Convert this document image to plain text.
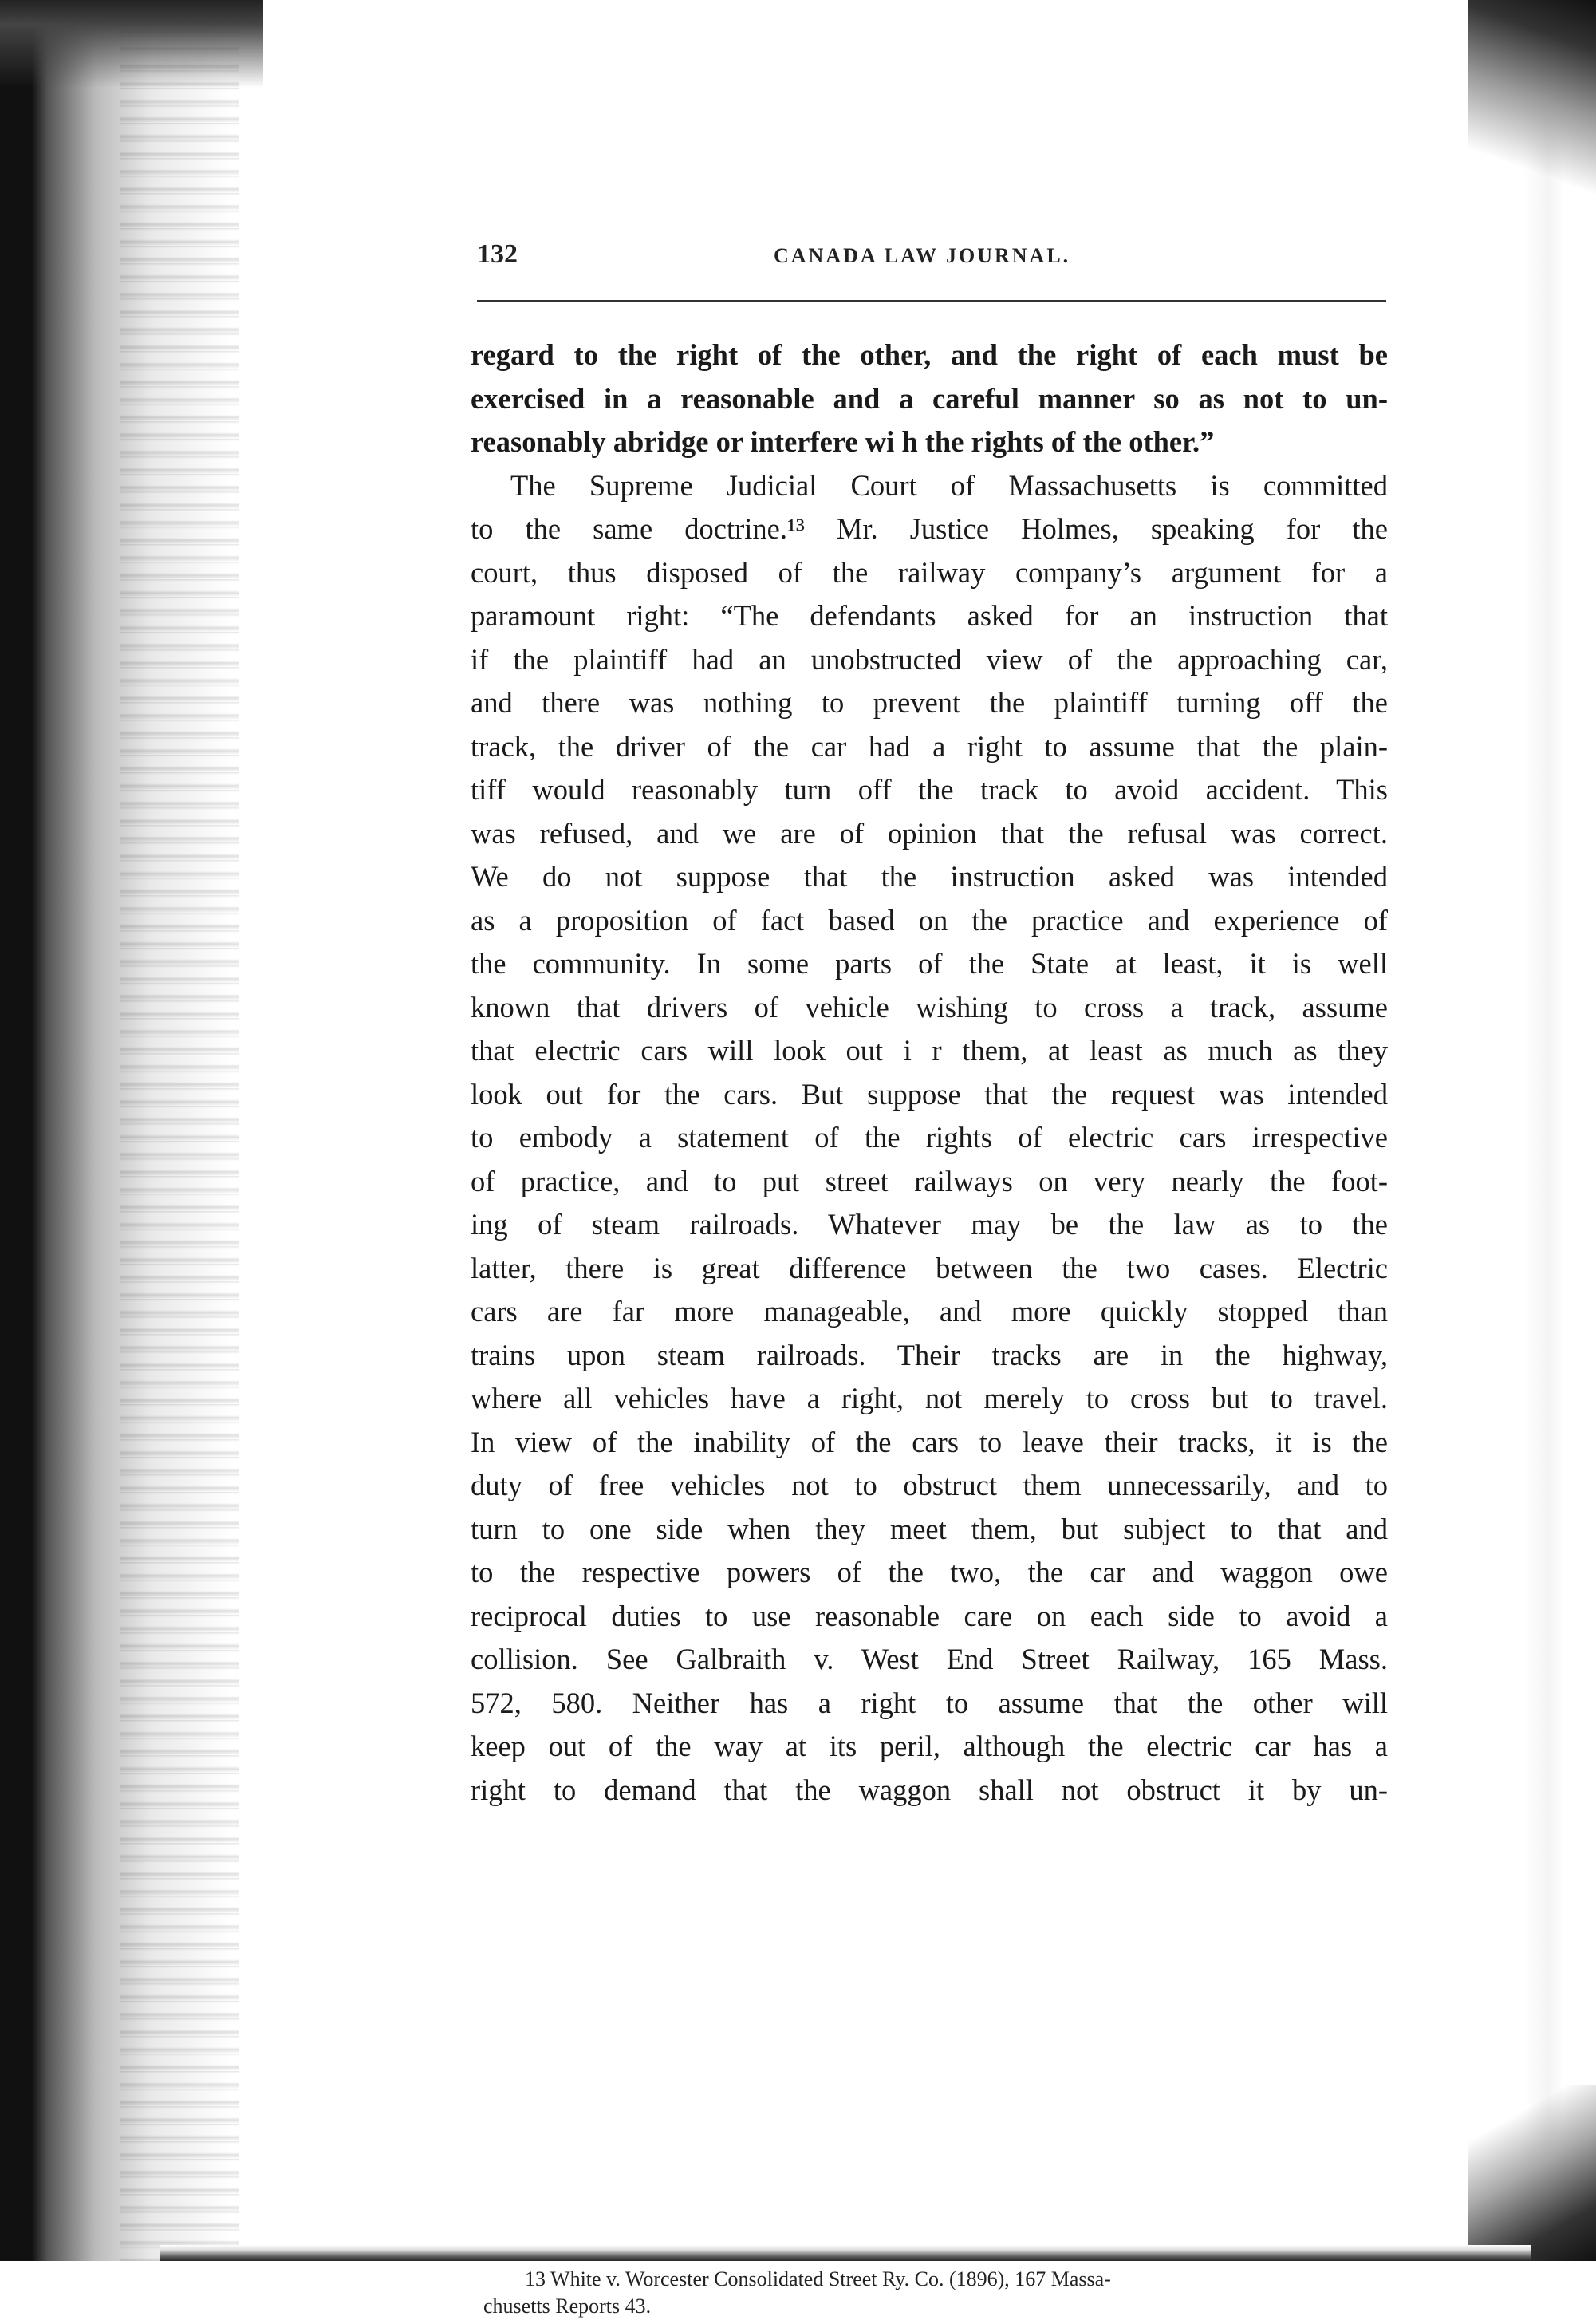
132	CANADA LAW JOURNAL.
regard to the right of the other, and the right of each must be
exercised in a reasonable and a careful manner so as not to un-
reasonably abridge or interfere wi h the rights of the other.”
The Supreme Judicial Court of Massachusetts is committed
to the same doctrine.¹³ Mr. Justice Holmes, speaking for the
court, thus disposed of the railway company’s argument for a
paramount right: “The defendants asked for an instruction that
if the plaintiff had an unobstructed view of the approaching car,
and there was nothing to prevent the plaintiff turning off the
track, the driver of the car had a right to assume that the plain-
tiff would reasonably turn off the track to avoid accident. This
was refused, and we are of opinion that the refusal was correct.
We do not suppose that the instruction asked was intended
as a proposition of fact based on the practice and experience of
the community. In some parts of the State at least, it is well
known that drivers of vehicle wishing to cross a track, assume
that electric cars will look out i r them, at least as much as they
look out for the cars. But suppose that the request was intended
to embody a statement of the rights of electric cars irrespective
of practice, and to put street railways on very nearly the foot-
ing of steam railroads. Whatever may be the law as to the
latter, there is great difference between the two cases. Electric
cars are far more manageable, and more quickly stopped than
trains upon steam railroads. Their tracks are in the highway,
where all vehicles have a right, not merely to cross but to travel.
In view of the inability of the cars to leave their tracks, it is the
duty of free vehicles not to obstruct them unnecessarily, and to
turn to one side when they meet them, but subject to that and
to the respective powers of the two, the car and waggon owe
reciprocal duties to use reasonable care on each side to avoid a
collision. See Galbraith v. West End Street Railway, 165 Mass.
572, 580. Neither has a right to assume that the other will
keep out of the way at its peril, although the electric car has a
right to demand that the waggon shall not obstruct it by un-
13 White v. Worcester Consolidated Street Ry. Co. (1896), 167 Massa-
chusetts Reports 43.
